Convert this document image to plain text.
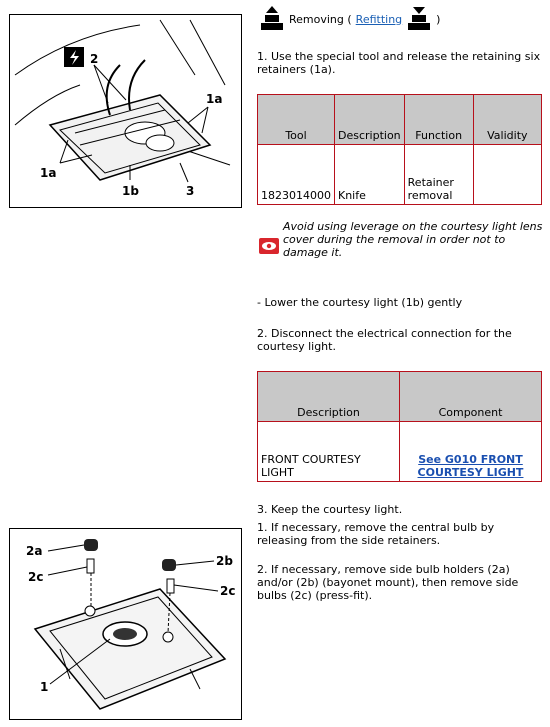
2
1a
1a
1b	3
Removing ( Refitting	)
1. Use the special tool and release the retaining six retainers (1a).
Tool	Description	Function	Validity
1823014000	Knife	Retainer removal	
Avoid using leverage on the courtesy light lens cover during the removal in order not to damage it.
- Lower the courtesy light (1b) gently
2. Disconnect the electrical connection for the courtesy light.
Description	Component
FRONT COURTESY LIGHT	See G010 FRONT COURTESY LIGHT
3. Keep the courtesy light.
1. If necessary, remove the central bulb by releasing from the side retainers.
2. If necessary, remove side bulb holders (2a) and/or (2b) (bayonet mount), then remove side bulbs (2c) (press-fit).
2a
2b
2c
2c
1
